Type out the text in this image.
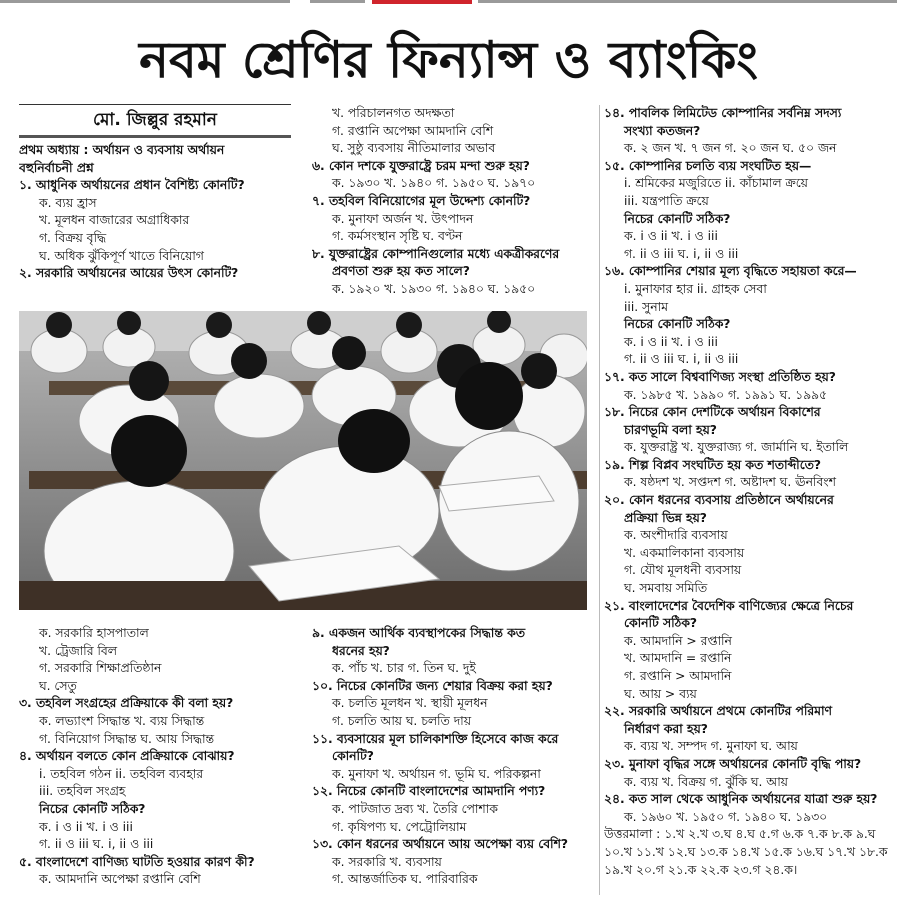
নবম শ্রেণির ফিন্যান্স ও ব্যাংকিং
মো. জিল্লুর রহমান

প্রথম অধ্যায় : অর্থায়ন ও ব্যবসায় অর্থায়ন

বহুনির্বাচনী প্রশ্ন

১. আধুনিক অর্থায়নের প্রধান বৈশিষ্ট্য কোনটি?

ক. ব্যয় হ্রাস

খ. মূলধন বাজারের অগ্রাধিকার

গ. বিক্রয় বৃদ্ধি

ঘ. অধিক ঝুঁকিপূর্ণ খাতে বিনিয়োগ

২. সরকারি অর্থায়নের আয়ের উৎস কোনটি?

খ. পরিচালনগত অদক্ষতা

গ. রপ্তানি অপেক্ষা আমদানি বেশি

ঘ. সুষ্ঠু ব্যবসায় নীতিমালার অভাব

৬. কোন দশকে যুক্তরাষ্ট্রে চরম মন্দা শুরু হয়?

ক. ১৯৩০ খ. ১৯৪০ গ. ১৯৫০ ঘ. ১৯৭০

৭. তহবিল বিনিয়োগের মূল উদ্দেশ্য কোনটি?

ক. মুনাফা অর্জন খ. উৎপাদন

গ. কর্মসংস্থান সৃষ্টি ঘ. বণ্টন

৮. যুক্তরাষ্ট্রের কোম্পানিগুলোর মধ্যে একত্রীকরণের

প্রবণতা শুরু হয় কত সালে?

ক. ১৯২০ খ. ১৯৩০ গ. ১৯৪০ ঘ. ১৯৫০

১৪. পাবলিক লিমিটেড কোম্পানির সর্বনিম্ন সদস্য

সংখ্যা কতজন?

ক. ২ জন খ. ৭ জন গ. ২০ জন ঘ. ৫০ জন

১৫. কোম্পানির চলতি ব্যয় সংঘটিত হয়—

i. শ্রমিকের মজুরিতে ii. কাঁচামাল ক্রয়ে

iii. যন্ত্রপাতি ক্রয়ে

নিচের কোনটি সঠিক?

ক. i ও ii খ. i ও iii

গ. ii ও iii ঘ. i, ii ও iii

১৬. কোম্পানির শেয়ার মূল্য বৃদ্ধিতে সহায়তা করে—

i. মুনাফার হার ii. গ্রাহক সেবা

iii. সুনাম

নিচের কোনটি সঠিক?

ক. i ও ii খ. i ও iii

গ. ii ও iii ঘ. i, ii ও iii

১৭. কত সালে বিশ্ববাণিজ্য সংস্থা প্রতিষ্ঠিত হয়?

ক. ১৯৮৫ খ. ১৯৯০ গ. ১৯৯১ ঘ. ১৯৯৫

১৮. নিচের কোন দেশটিকে অর্থায়ন বিকাশের

চারণভূমি বলা হয়?

ক. যুক্তরাষ্ট্র খ. যুক্তরাজ্য গ. জার্মানি ঘ. ইতালি

১৯. শিল্প বিপ্লব সংঘটিত হয় কত শতাব্দীতে?

ক. ষষ্ঠদশ খ. সপ্তদশ গ. অষ্টাদশ ঘ. ঊনবিংশ

২০. কোন ধরনের ব্যবসায় প্রতিষ্ঠানে অর্থায়নের

প্রক্রিয়া ভিন্ন হয়?

ক. অংশীদারি ব্যবসায়

খ. একমালিকানা ব্যবসায়

গ. যৌথ মূলধনী ব্যবসায়

ঘ. সমবায় সমিতি

২১. বাংলাদেশের বৈদেশিক বাণিজ্যের ক্ষেত্রে নিচের

কোনটি সঠিক?

ক. আমদানি > রপ্তানি

খ. আমদানি = রপ্তানি

গ. রপ্তানি > আমদানি

ঘ. আয় > ব্যয়

২২. সরকারি অর্থায়নে প্রথমে কোনটির পরিমাণ

নির্ধারণ করা হয়?

ক. ব্যয় খ. সম্পদ গ. মুনাফা ঘ. আয়

২৩. মুনাফা বৃদ্ধির সঙ্গে অর্থায়নের কোনটি বৃদ্ধি পায়?

ক. ব্যয় খ. বিক্রয় গ. ঝুঁকি ঘ. আয়

২৪. কত সাল থেকে আধুনিক অর্থায়নের যাত্রা শুরু হয়?

ক. ১৯৬০ খ. ১৯৫০ গ. ১৯৪০ ঘ. ১৯৩০

উত্তরমালা : ১.খ ২.খ ৩.ঘ ৪.ঘ ৫.গ ৬.ক ৭.ক ৮.ক ৯.ঘ

১০.খ ১১.খ ১২.ঘ ১৩.ক ১৪.খ ১৫.ক ১৬.ঘ ১৭.খ ১৮.ক

১৯.খ ২০.গ ২১.ক ২২.ক ২৩.গ ২৪.ক।

ক. সরকারি হাসপাতাল

খ. ট্রেজারি বিল

গ. সরকারি শিক্ষাপ্রতিষ্ঠান

ঘ. সেতু

৩. তহবিল সংগ্রহের প্রক্রিয়াকে কী বলা হয়?

ক. লভ্যাংশ সিদ্ধান্ত খ. ব্যয় সিদ্ধান্ত

গ. বিনিয়োগ সিদ্ধান্ত ঘ. আয় সিদ্ধান্ত

৪. অর্থায়ন বলতে কোন প্রক্রিয়াকে বোঝায়?

i. তহবিল গঠন ii. তহবিল ব্যবহার

iii. তহবিল সংগ্রহ

নিচের কোনটি সঠিক?

ক. i ও ii খ. i ও iii

গ. ii ও iii ঘ. i, ii ও iii

৫. বাংলাদেশে বাণিজ্য ঘাটতি হওয়ার কারণ কী?

ক. আমদানি অপেক্ষা রপ্তানি বেশি

৯. একজন আর্থিক ব্যবস্থাপকের সিদ্ধান্ত কত

ধরনের হয়?

ক. পাঁচ খ. চার গ. তিন ঘ. দুই

১০. নিচের কোনটির জন্য শেয়ার বিক্রয় করা হয়?

ক. চলতি মূলধন খ. স্থায়ী মূলধন

গ. চলতি আয় ঘ. চলতি দায়

১১. ব্যবসায়ের মূল চালিকাশক্তি হিসেবে কাজ করে

কোনটি?

ক. মুনাফা খ. অর্থায়ন গ. ভূমি ঘ. পরিকল্পনা

১২. নিচের কোনটি বাংলাদেশের আমদানি পণ্য?

ক. পাটজাত দ্রব্য খ. তৈরি পোশাক

গ. কৃষিপণ্য ঘ. পেট্রোলিয়াম

১৩. কোন ধরনের অর্থায়নে আয় অপেক্ষা ব্যয় বেশি?

ক. সরকারি খ. ব্যবসায়

গ. আন্তর্জাতিক ঘ. পারিবারিক
